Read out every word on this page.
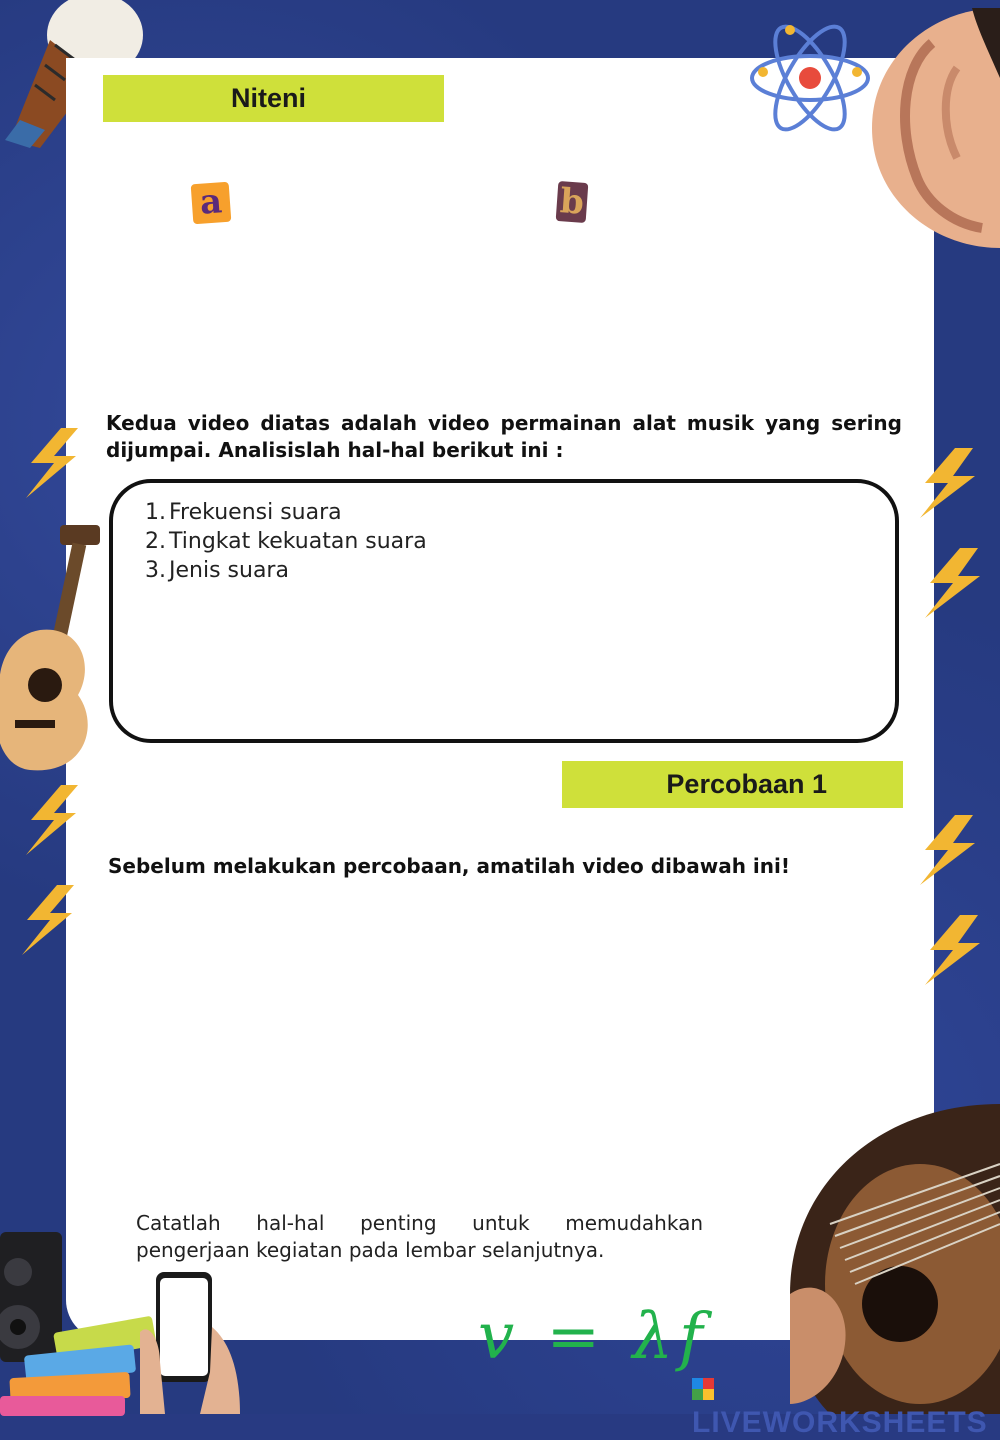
Niteni
a	b
Kedua video diatas adalah video permainan alat musik yang sering dijumpai. Analisislah hal-hal berikut ini :
1. Frekuensi suara
2. Tingkat kekuatan suara
3. Jenis suara
Percobaan 1
Sebelum melakukan percobaan, amatilah video dibawah ini!
Catatlah hal-hal penting untuk memudahkan pengerjaan kegiatan pada lembar selanjutnya.
v = λf
LIVEWORKSHEETS
